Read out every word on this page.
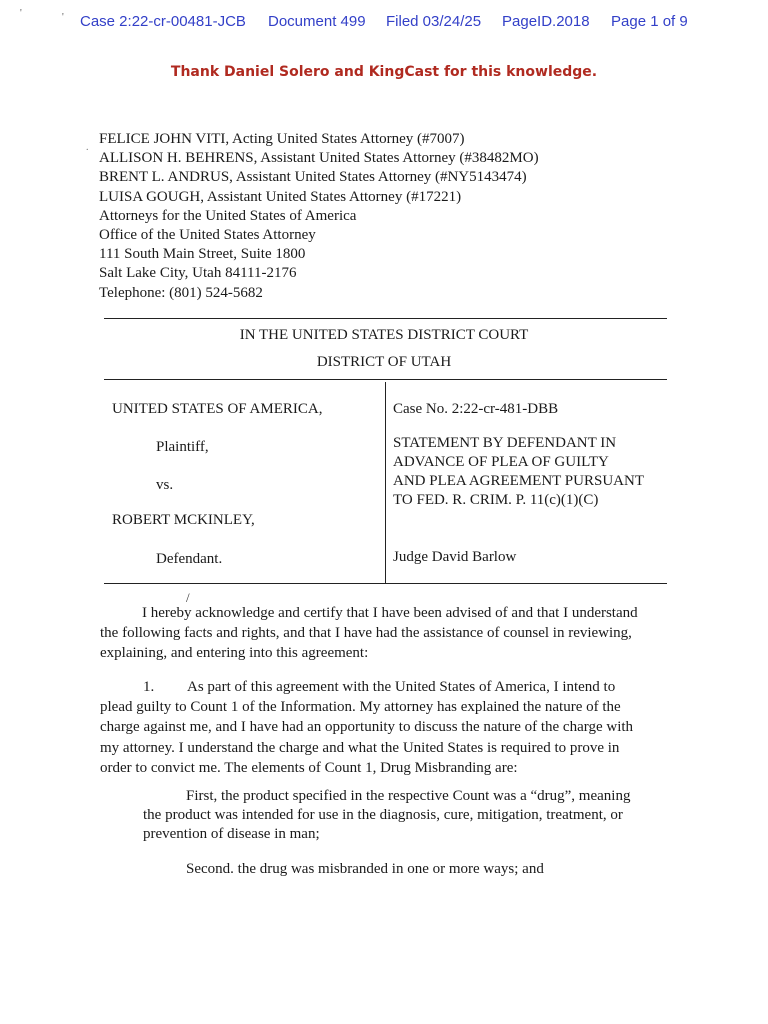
'	' Case 2:22-cr-00481-JCB Document 499 Filed 03/24/25 PageID.2018 Page 1 of 9
Thank Daniel Solero and KingCast for this knowledge.
.
FELICE JOHN VITI, Acting United States Attorney (#7007)
ALLISON H. BEHRENS, Assistant United States Attorney (#38482MO)
BRENT L. ANDRUS, Assistant United States Attorney (#NY5143474)
LUISA GOUGH, Assistant United States Attorney (#17221)
Attorneys for the United States of America
Office of the United States Attorney
111 South Main Street, Suite 1800
Salt Lake City, Utah 84111-2176
Telephone: (801) 524-5682
IN THE UNITED STATES DISTRICT COURT
DISTRICT OF UTAH
UNITED STATES OF AMERICA,
Plaintiff,
vs.
ROBERT MCKINLEY,
Defendant.
Case No. 2:22-cr-481-DBB
STATEMENT BY DEFENDANT IN
ADVANCE OF PLEA OF GUILTY
AND PLEA AGREEMENT PURSUANT
TO FED. R. CRIM. P. 11(c)(1)(C)
Judge David Barlow
/
I hereby acknowledge and certify that I have been advised of and that I understand
the following facts and rights, and that I have had the assistance of counsel in reviewing,
explaining, and entering into this agreement:
1. As part of this agreement with the United States of America, I intend to
plead guilty to Count 1 of the Information. My attorney has explained the nature of the
charge against me, and I have had an opportunity to discuss the nature of the charge with
my attorney. I understand the charge and what the United States is required to prove in
order to convict me. The elements of Count 1, Drug Misbranding are:
First, the product specified in the respective Count was a “drug”, meaning
the product was intended for use in the diagnosis, cure, mitigation, treatment, or
prevention of disease in man;
Second. the drug was misbranded in one or more ways; and
